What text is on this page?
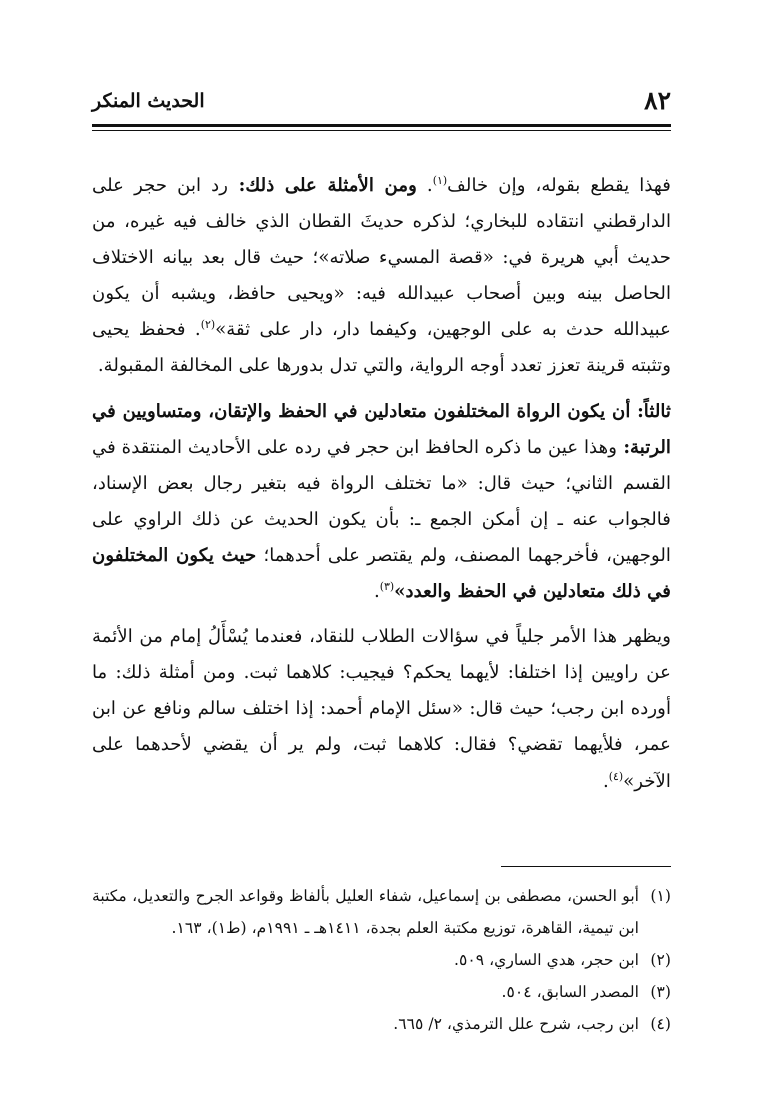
٨٢
الحديث المنكر

فهذا يقطع بقوله، وإن خالف$^{(١)}$. ومن الأمثلة على ذلك: رد ابن حجر على الدارقطني انتقاده للبخاري؛ لذكره حديثَ القطان الذي خالف فيه غيره، من حديث أبي هريرة في: «قصة المسيء صلاته»؛ حيث قال بعد بيانه الاختلاف الحاصل بينه وبين أصحاب عبيدالله فيه: «ويحيى حافظ، ويشبه أن يكون عبيدالله حدث به على الوجهين، وكيفما دار، دار على ثقة»$^{(٢)}$. فحفظ يحيى وتثبته قرينة تعزز تعدد أوجه الرواية، والتي تدل بدورها على المخالفة المقبولة.

ثالثاً: أن يكون الرواة المختلفون متعادلين في الحفظ والإتقان، ومتساويين في الرتبة: وهذا عين ما ذكره الحافظ ابن حجر في رده على الأحاديث المنتقدة في القسم الثاني؛ حيث قال: «ما تختلف الرواة فيه بتغير رجال بعض الإسناد، فالجواب عنه ـ إن أمكن الجمع ـ: بأن يكون الحديث عن ذلك الراوي على الوجهين، فأخرجهما المصنف، ولم يقتصر على أحدهما؛ حيث يكون المختلفون في ذلك متعادلين في الحفظ والعدد»$^{(٣)}$.

ويظهر هذا الأمر جلياً في سؤالات الطلاب للنقاد، فعندما يُسْأَلُ إمام من الأئمة عن راويين إذا اختلفا: لأيهما يحكم؟ فيجيب: كلاهما ثبت. ومن أمثلة ذلك: ما أورده ابن رجب؛ حيث قال: «سئل الإمام أحمد: إذا اختلف سالم ونافع عن ابن عمر، فلأيهما تقضي؟ فقال: كلاهما ثبت، ولم ير أن يقضي لأحدهما على الآخر»$^{(٤)}$.

(١)
أبو الحسن، مصطفى بن إسماعيل، شفاء العليل بألفاظ وقواعد الجرح والتعديل، مكتبة ابن تيمية، القاهرة، توزيع مكتبة العلم بجدة، ١٤١١هـ ـ ١٩٩١م، (ط١)، ١٦٣.
(٢)
ابن حجر، هدي الساري، ٥٠٩.
(٣)
المصدر السابق، ٥٠٤.
(٤)
ابن رجب، شرح علل الترمذي، ٢/ ٦٦٥.
